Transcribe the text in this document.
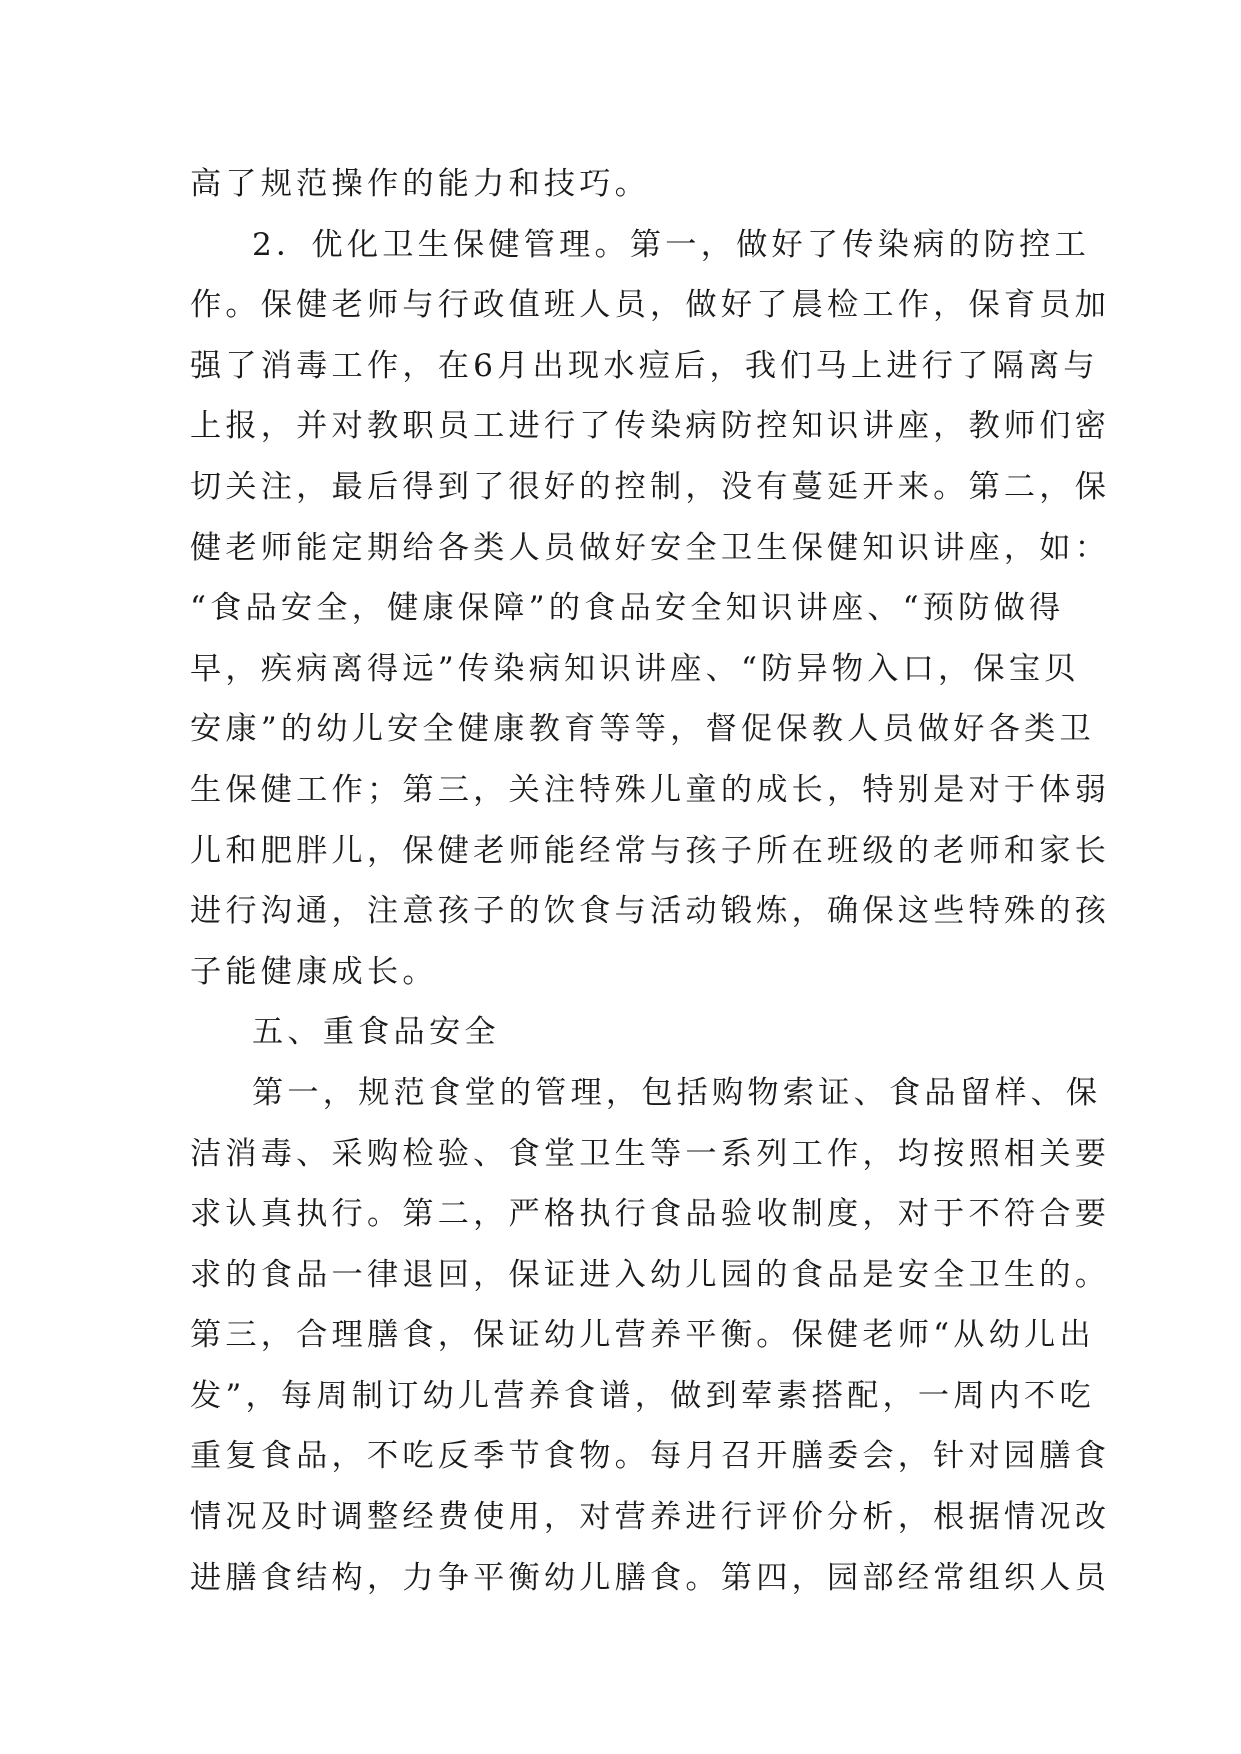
高了规范操作的能力和技巧。
2．优化卫生保健管理。第一，做好了传染病的防控工
作。保健老师与行政值班人员，做好了晨检工作，保育员加
强了消毒工作，在6月出现水痘后，我们马上进行了隔离与
上报，并对教职员工进行了传染病防控知识讲座，教师们密
切关注，最后得到了很好的控制，没有蔓延开来。第二，保
健老师能定期给各类人员做好安全卫生保健知识讲座，如：
“食品安全，健康保障”的食品安全知识讲座、“预防做得
早，疾病离得远”传染病知识讲座、“防异物入口，保宝贝
安康”的幼儿安全健康教育等等，督促保教人员做好各类卫
生保健工作；第三，关注特殊儿童的成长，特别是对于体弱
儿和肥胖儿，保健老师能经常与孩子所在班级的老师和家长
进行沟通，注意孩子的饮食与活动锻炼，确保这些特殊的孩
子能健康成长。
五、重食品安全
第一，规范食堂的管理，包括购物索证、食品留样、保
洁消毒、采购检验、食堂卫生等一系列工作，均按照相关要
求认真执行。第二，严格执行食品验收制度，对于不符合要
求的食品一律退回，保证进入幼儿园的食品是安全卫生的。
第三，合理膳食，保证幼儿营养平衡。保健老师“从幼儿出
发”，每周制订幼儿营养食谱，做到荤素搭配，一周内不吃
重复食品，不吃反季节食物。每月召开膳委会，针对园膳食
情况及时调整经费使用，对营养进行评价分析，根据情况改
进膳食结构，力争平衡幼儿膳食。第四，园部经常组织人员
